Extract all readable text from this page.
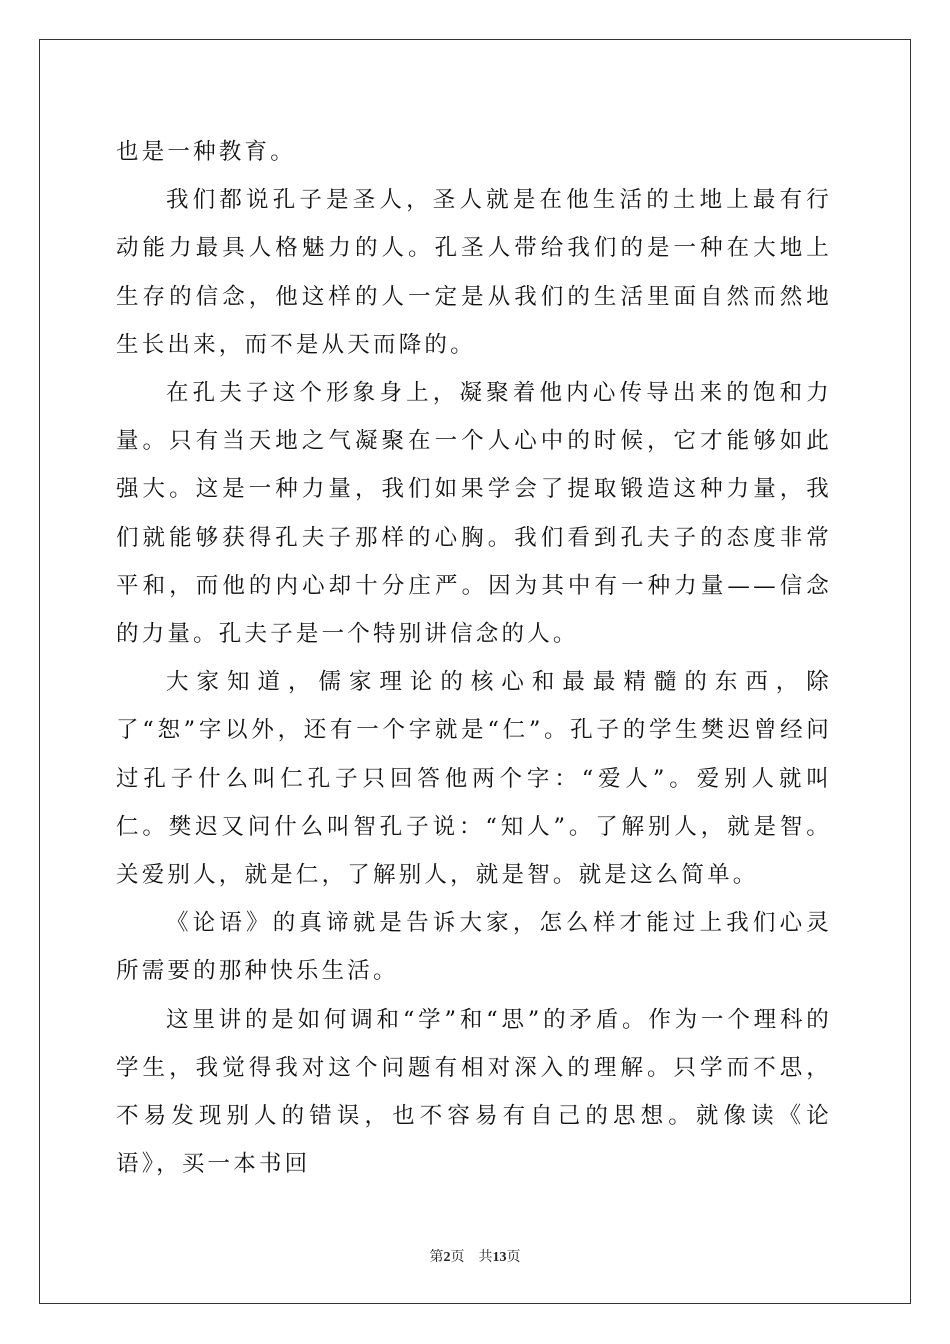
也是一种教育。

我们都说孔子是圣人，圣人就是在他生活的土地上最有行动能力最具人格魅力的人。孔圣人带给我们的是一种在大地上生存的信念，他这样的人一定是从我们的生活里面自然而然地生长出来，而不是从天而降的。

在孔夫子这个形象身上，凝聚着他内心传导出来的饱和力量。只有当天地之气凝聚在一个人心中的时候，它才能够如此强大。这是一种力量，我们如果学会了提取锻造这种力量，我们就能够获得孔夫子那样的心胸。我们看到孔夫子的态度非常平和，而他的内心却十分庄严。因为其中有一种力量——信念的力量。孔夫子是一个特别讲信念的人。

大家知道，儒家理论的核心和最最精髓的东西，除了“恕”字以外，还有一个字就是“仁”。孔子的学生樊迟曾经问过孔子什么叫仁孔子只回答他两个字：“爱人”。爱别人就叫仁。樊迟又问什么叫智孔子说：“知人”。了解别人，就是智。关爱别人，就是仁，了解别人，就是智。就是这么简单。

《论语》的真谛就是告诉大家，怎么样才能过上我们心灵所需要的那种快乐生活。

这里讲的是如何调和“学”和“思”的矛盾。作为一个理科的学生，我觉得我对这个问题有相对深入的理解。只学而不思，不易发现别人的错误，也不容易有自己的思想。就像读《论语》，买一本书回

第2页 共13页
